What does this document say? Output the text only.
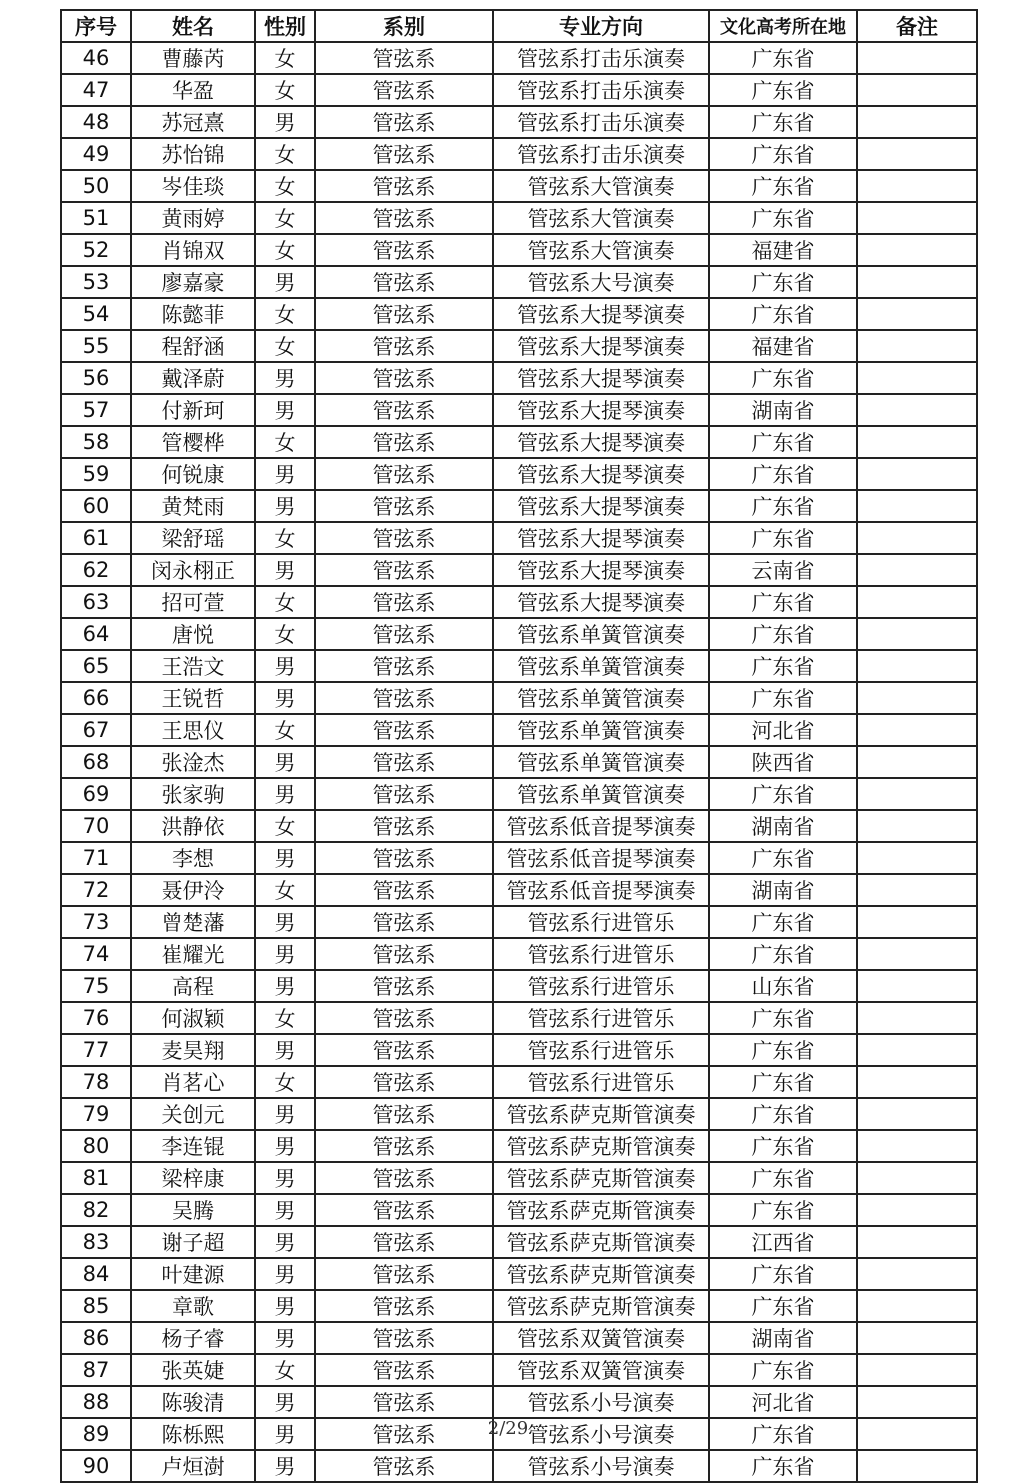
序号	姓名	性别	系别	专业方向	文化高考所在地	备注
46	曹藤芮	女	管弦系	管弦系打击乐演奏	广东省	
47	华盈	女	管弦系	管弦系打击乐演奏	广东省	
48	苏冠熹	男	管弦系	管弦系打击乐演奏	广东省	
49	苏怡锦	女	管弦系	管弦系打击乐演奏	广东省	
50	岑佳琰	女	管弦系	管弦系大管演奏	广东省	
51	黄雨婷	女	管弦系	管弦系大管演奏	广东省	
52	肖锦双	女	管弦系	管弦系大管演奏	福建省	
53	廖嘉豪	男	管弦系	管弦系大号演奏	广东省	
54	陈懿菲	女	管弦系	管弦系大提琴演奏	广东省	
55	程舒涵	女	管弦系	管弦系大提琴演奏	福建省	
56	戴泽蔚	男	管弦系	管弦系大提琴演奏	广东省	
57	付新珂	男	管弦系	管弦系大提琴演奏	湖南省	
58	管樱桦	女	管弦系	管弦系大提琴演奏	广东省	
59	何锐康	男	管弦系	管弦系大提琴演奏	广东省	
60	黄梵雨	男	管弦系	管弦系大提琴演奏	广东省	
61	梁舒瑶	女	管弦系	管弦系大提琴演奏	广东省	
62	闵永栩正	男	管弦系	管弦系大提琴演奏	云南省	
63	招可萱	女	管弦系	管弦系大提琴演奏	广东省	
64	唐悦	女	管弦系	管弦系单簧管演奏	广东省	
65	王浩文	男	管弦系	管弦系单簧管演奏	广东省	
66	王锐哲	男	管弦系	管弦系单簧管演奏	广东省	
67	王思仪	女	管弦系	管弦系单簧管演奏	河北省	
68	张淦杰	男	管弦系	管弦系单簧管演奏	陕西省	
69	张家驹	男	管弦系	管弦系单簧管演奏	广东省	
70	洪静依	女	管弦系	管弦系低音提琴演奏	湖南省	
71	李想	男	管弦系	管弦系低音提琴演奏	广东省	
72	聂伊泠	女	管弦系	管弦系低音提琴演奏	湖南省	
73	曾楚藩	男	管弦系	管弦系行进管乐	广东省	
74	崔耀光	男	管弦系	管弦系行进管乐	广东省	
75	高程	男	管弦系	管弦系行进管乐	山东省	
76	何淑颖	女	管弦系	管弦系行进管乐	广东省	
77	麦昊翔	男	管弦系	管弦系行进管乐	广东省	
78	肖茗心	女	管弦系	管弦系行进管乐	广东省	
79	关创元	男	管弦系	管弦系萨克斯管演奏	广东省	
80	李连锟	男	管弦系	管弦系萨克斯管演奏	广东省	
81	梁梓康	男	管弦系	管弦系萨克斯管演奏	广东省	
82	吴腾	男	管弦系	管弦系萨克斯管演奏	广东省	
83	谢子超	男	管弦系	管弦系萨克斯管演奏	江西省	
84	叶建源	男	管弦系	管弦系萨克斯管演奏	广东省	
85	章歌	男	管弦系	管弦系萨克斯管演奏	广东省	
86	杨子睿	男	管弦系	管弦系双簧管演奏	湖南省	
87	张英婕	女	管弦系	管弦系双簧管演奏	广东省	
88	陈骏清	男	管弦系	管弦系小号演奏	河北省	
89	陈栎熙	男	管弦系	管弦系小号演奏	广东省	
90	卢烜澍	男	管弦系	管弦系小号演奏	广东省	
2/29
